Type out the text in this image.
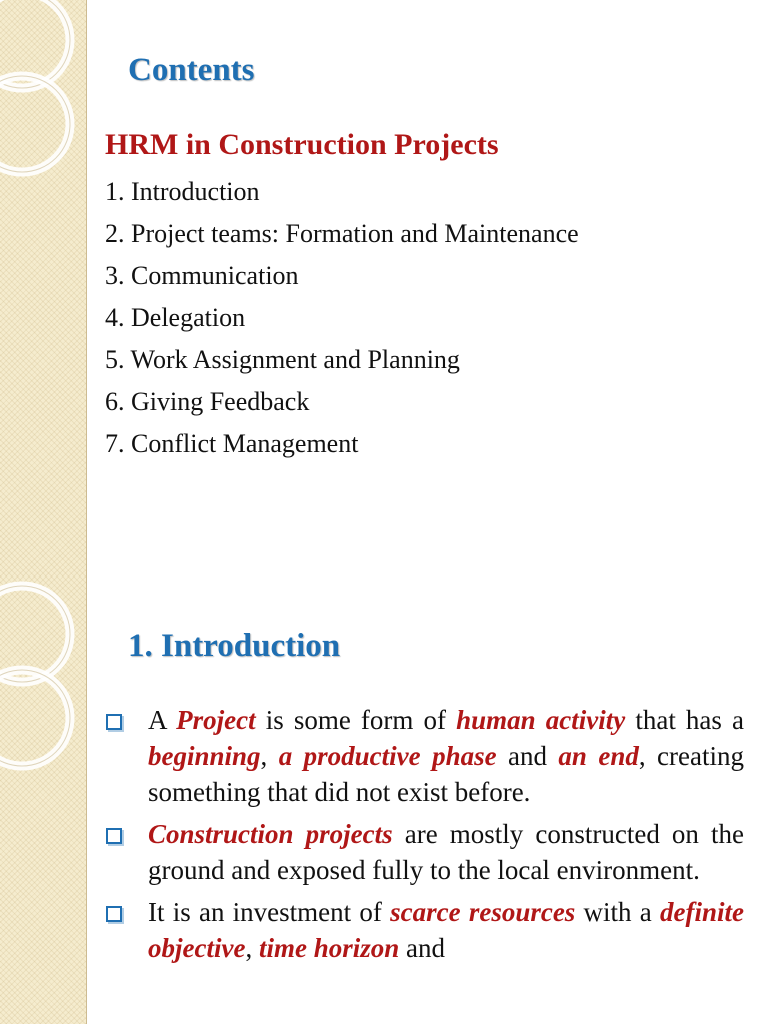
Contents
HRM in Construction Projects
1. Introduction
2. Project teams: Formation and Maintenance
3. Communication
4. Delegation
5. Work Assignment and Planning
6. Giving Feedback
7. Conflict Management
1. Introduction
A Project is some form of human activity that has a beginning, a productive phase and an end, creating something that did not exist before.
Construction projects are mostly constructed on the ground and exposed fully to the local environment.
It is an investment of scarce resources with a definite objective, time horizon and
